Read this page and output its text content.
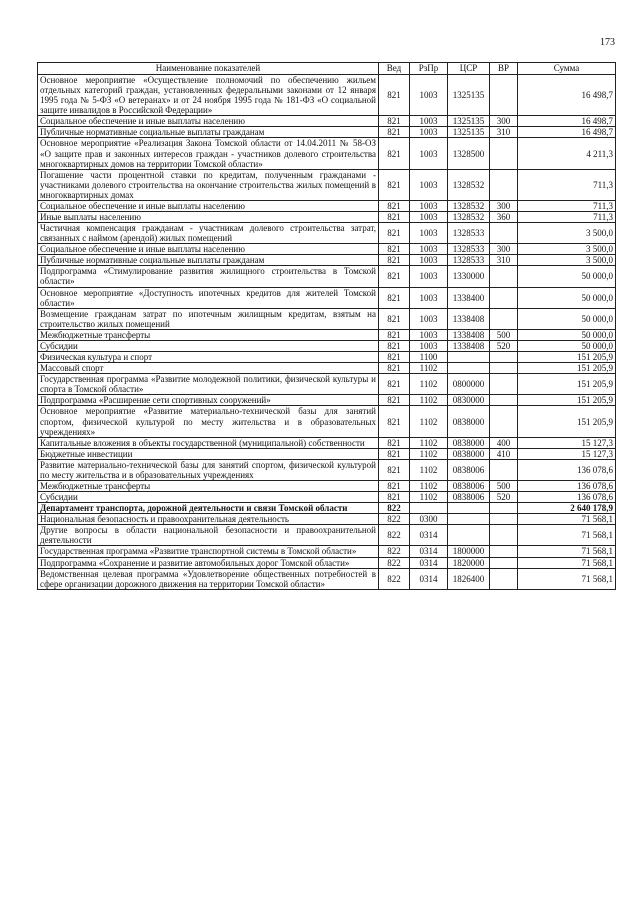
173
Наименование показателей	Вед	РзПр	ЦСР	ВР	Сумма
Основное мероприятие «Осуществление полномочий по обеспечению жильем отдельных категорий граждан, установленных федеральными законами от 12 января 1995 года № 5-ФЗ «О ветеранах» и от 24 ноября 1995 года № 181-ФЗ «О социальной защите инвалидов в Российской Федерации»	821	1003	1325135		16 498,7
Социальное обеспечение и иные выплаты населению	821	1003	1325135	300	16 498,7
Публичные нормативные социальные выплаты гражданам	821	1003	1325135	310	16 498,7
Основное мероприятие «Реализация Закона Томской области от 14.04.2011 № 58-ОЗ «О защите прав и законных интересов граждан - участников долевого строительства многоквартирных домов на территории Томской области»	821	1003	1328500		4 211,3
Погашение части процентной ставки по кредитам, полученным гражданами - участниками долевого строительства на окончание строительства жилых помещений в многоквартирных домах	821	1003	1328532		711,3
Социальное обеспечение и иные выплаты населению	821	1003	1328532	300	711,3
Иные выплаты населению	821	1003	1328532	360	711,3
Частичная компенсация гражданам - участникам долевого строительства затрат, связанных с наймом (арендой) жилых помещений	821	1003	1328533		3 500,0
Социальное обеспечение и иные выплаты населению	821	1003	1328533	300	3 500,0
Публичные нормативные социальные выплаты гражданам	821	1003	1328533	310	3 500,0
Подпрограмма «Стимулирование развития жилищного строительства в Томской области»	821	1003	1330000		50 000,0
Основное мероприятие «Доступность ипотечных кредитов для жителей Томской области»	821	1003	1338400		50 000,0
Возмещение гражданам затрат по ипотечным жилищным кредитам, взятым на строительство жилых помещений	821	1003	1338408		50 000,0
Межбюджетные трансферты	821	1003	1338408	500	50 000,0
Субсидии	821	1003	1338408	520	50 000,0
Физическая культура и спорт	821	1100			151 205,9
Массовый спорт	821	1102			151 205,9
Государственная программа «Развитие молодежной политики, физической культуры и спорта в Томской области»	821	1102	0800000		151 205,9
Подпрограмма «Расширение сети спортивных сооружений»	821	1102	0830000		151 205,9
Основное мероприятие «Развитие материально-технической базы для занятий спортом, физической культурой по месту жительства и в образовательных учреждениях»	821	1102	0838000		151 205,9
Капитальные вложения в объекты государственной (муниципальной) собственности	821	1102	0838000	400	15 127,3
Бюджетные инвестиции	821	1102	0838000	410	15 127,3
Развитие материально-технической базы для занятий спортом, физической культурой по месту жительства и в образовательных учреждениях	821	1102	0838006		136 078,6
Межбюджетные трансферты	821	1102	0838006	500	136 078,6
Субсидии	821	1102	0838006	520	136 078,6
Департамент транспорта, дорожной деятельности и связи Томской области	822				2 640 178,9
Национальная безопасность и правоохранительная деятельность	822	0300			71 568,1
Другие вопросы в области национальной безопасности и правоохранительной деятельности	822	0314			71 568,1
Государственная программа «Развитие транспортной системы в Томской области»	822	0314	1800000		71 568,1
Подпрограмма «Сохранение и развитие автомобильных дорог Томской области»	822	0314	1820000		71 568,1
Ведомственная целевая программа «Удовлетворение общественных потребностей в сфере организации дорожного движения на территории Томской области»	822	0314	1826400		71 568,1
